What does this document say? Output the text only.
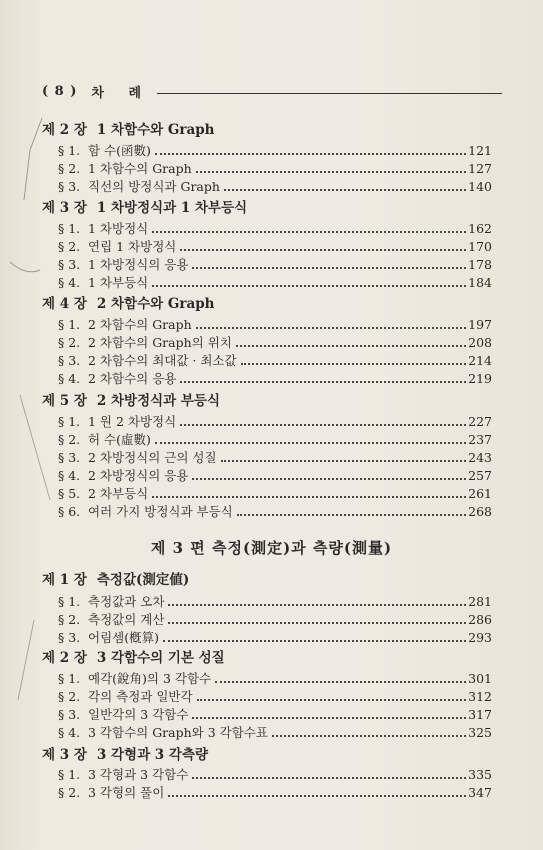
( 8 ) 차 례
제 2 장 1 차함수와 Graph
§ 1. 함 수(函數)	121
§ 2. 1 차함수의 Graph	127
§ 3. 직선의 방정식과 Graph	140
제 3 장 1 차방정식과 1 차부등식
§ 1. 1 차방정식	162
§ 2. 연립 1 차방정식	170
§ 3. 1 차방정식의 응용	178
§ 4. 1 차부등식	184
제 4 장 2 차함수와 Graph
§ 1. 2 차함수의 Graph	197
§ 2. 2 차함수의 Graph의 위치	208
§ 3. 2 차함수의 최대값 · 최소값	214
§ 4. 2 차함수의 응용	219
제 5 장 2 차방정식과 부등식
§ 1. 1 원 2 차방정식	227
§ 2. 허 수(虛數)	237
§ 3. 2 차방정식의 근의 성질	243
§ 4. 2 차방정식의 응용	257
§ 5. 2 차부등식	261
§ 6. 여러 가지 방정식과 부등식	268
제 3 편 측정(測定)과 측량(測量)
제 1 장 측정값(測定値)
§ 1. 측정값과 오차	281
§ 2. 측정값의 계산	286
§ 3. 어림셈(槪算)	293
제 2 장 3 각함수의 기본 성질
§ 1. 예각(銳角)의 3 각함수	301
§ 2. 각의 측정과 일반각	312
§ 3. 일반각의 3 각함수	317
§ 4. 3 각함수의 Graph와 3 각함수표	325
제 3 장 3 각형과 3 각측량
§ 1. 3 각형과 3 각함수	335
§ 2. 3 각형의 풀이	347
